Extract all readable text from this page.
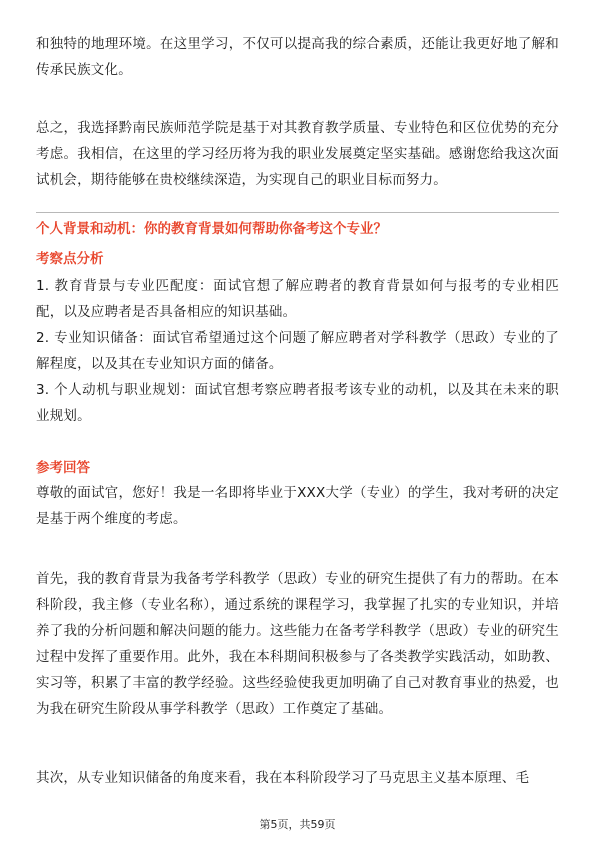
和独特的地理环境。在这里学习，不仅可以提高我的综合素质，还能让我更好地了解和传承民族文化。

总之，我选择黔南民族师范学院是基于对其教育教学质量、专业特色和区位优势的充分考虑。我相信，在这里的学习经历将为我的职业发展奠定坚实基础。感谢您给我这次面试机会，期待能够在贵校继续深造，为实现自己的职业目标而努力。

个人背景和动机：你的教育背景如何帮助你备考这个专业？

考察点分析

1. 教育背景与专业匹配度：面试官想了解应聘者的教育背景如何与报考的专业相匹配，以及应聘者是否具备相应的知识基础。
2. 专业知识储备：面试官希望通过这个问题了解应聘者对学科教学（思政）专业的了解程度，以及其在专业知识方面的储备。
3. 个人动机与职业规划：面试官想考察应聘者报考该专业的动机，以及其在未来的职业规划。

参考回答

尊敬的面试官，您好！我是一名即将毕业于XXX大学（专业）的学生，我对考研的决定是基于两个维度的考虑。

首先，我的教育背景为我备考学科教学（思政）专业的研究生提供了有力的帮助。在本科阶段，我主修（专业名称），通过系统的课程学习，我掌握了扎实的专业知识，并培养了我的分析问题和解决问题的能力。这些能力在备考学科教学（思政）专业的研究生过程中发挥了重要作用。此外，我在本科期间积极参与了各类教学实践活动，如助教、实习等，积累了丰富的教学经验。这些经验使我更加明确了自己对教育事业的热爱，也为我在研究生阶段从事学科教学（思政）工作奠定了基础。

其次，从专业知识储备的角度来看，我在本科阶段学习了马克思主义基本原理、毛

第5页，共59页
